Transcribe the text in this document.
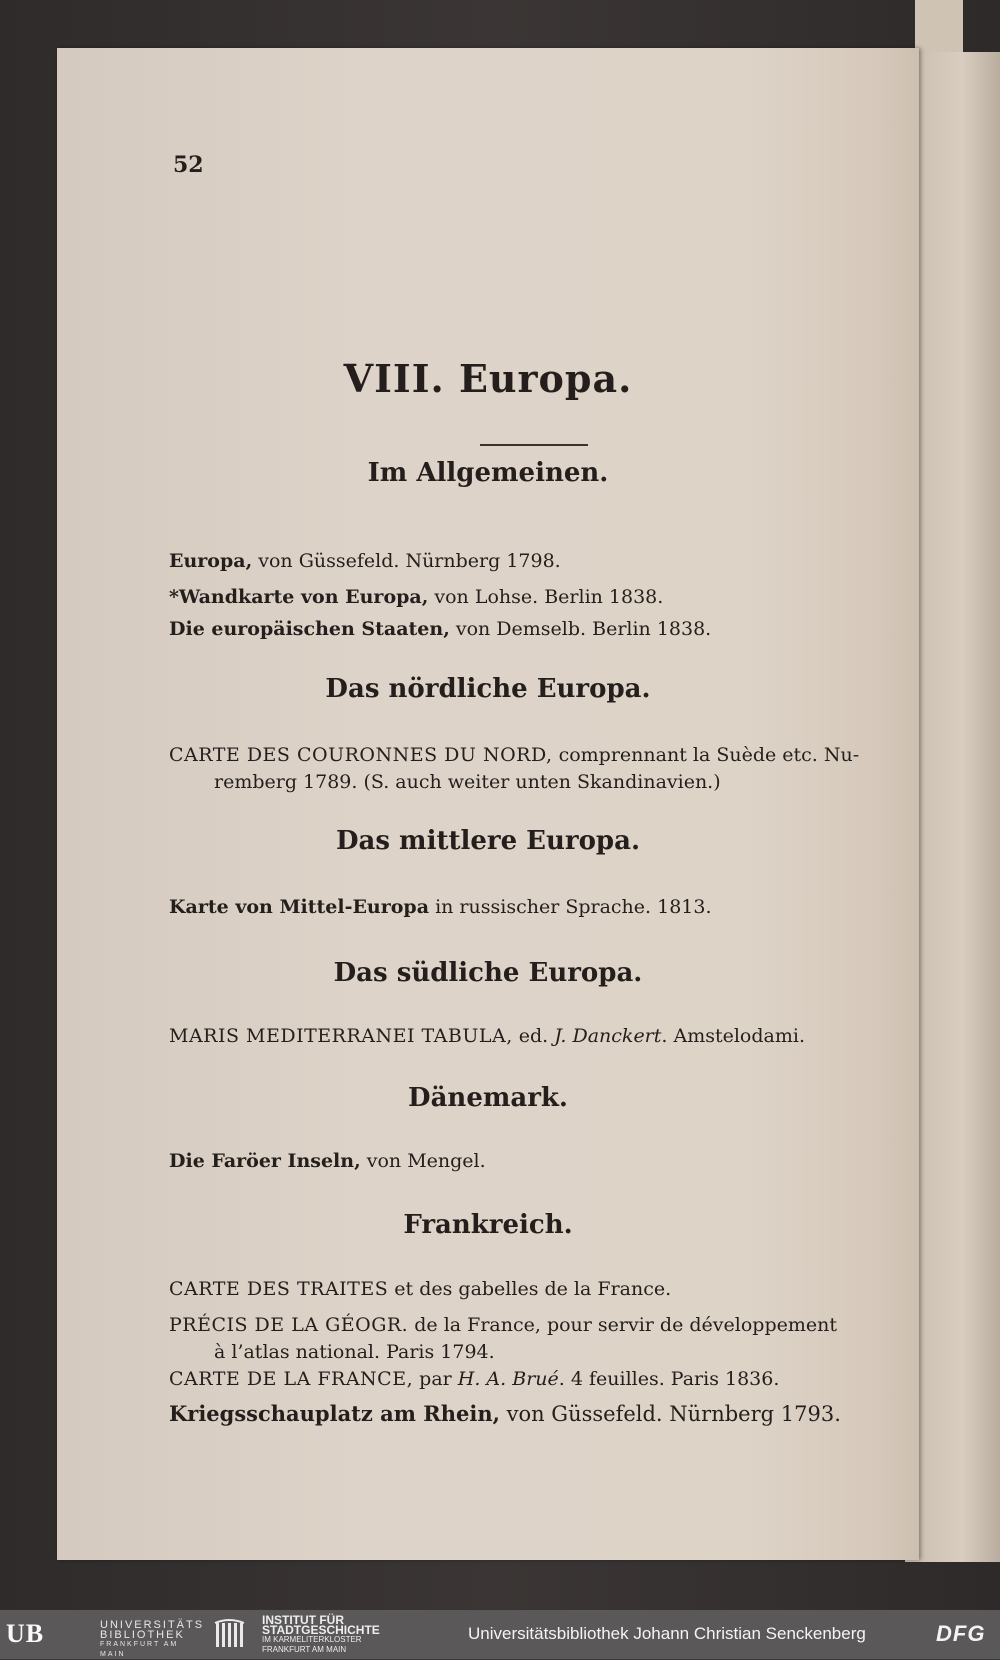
52
VIII. Europa.
Im Allgemeinen.
Europa, von Güssefeld. Nürnberg 1798.
*Wandkarte von Europa, von Lohse. Berlin 1838.
Die europäischen Staaten, von Demselb. Berlin 1838.
Das nördliche Europa.
CARTE DES COURONNES DU NORD, comprennant la Suède etc. Nu-
remberg 1789. (S. auch weiter unten Skandinavien.)
Das mittlere Europa.
Karte von Mittel-Europa in russischer Sprache. 1813.
Das südliche Europa.
MARIS MEDITERRANEI TABULA, ed. J. Danckert. Amstelodami.
Dänemark.
Die Faröer Inseln, von Mengel.
Frankreich.
CARTE DES TRAITES et des gabelles de la France.
PRÉCIS DE LA GÉOGR. de la France, pour servir de développement
à l’atlas national. Paris 1794.
CARTE DE LA FRANCE, par H. A. Brué. 4 feuilles. Paris 1836.
Kriegsschauplatz am Rhein, von Güssefeld. Nürnberg 1793.
UB	UNIVERSITÄTS
BIBLIOTHEK
FRANKFURT AM MAIN
INSTITUT FÜR
STADTGESCHICHTE
IM KARMELITERKLOSTER
FRANKFURT AM MAIN
Universitätsbibliothek Johann Christian Senckenberg	DFG
